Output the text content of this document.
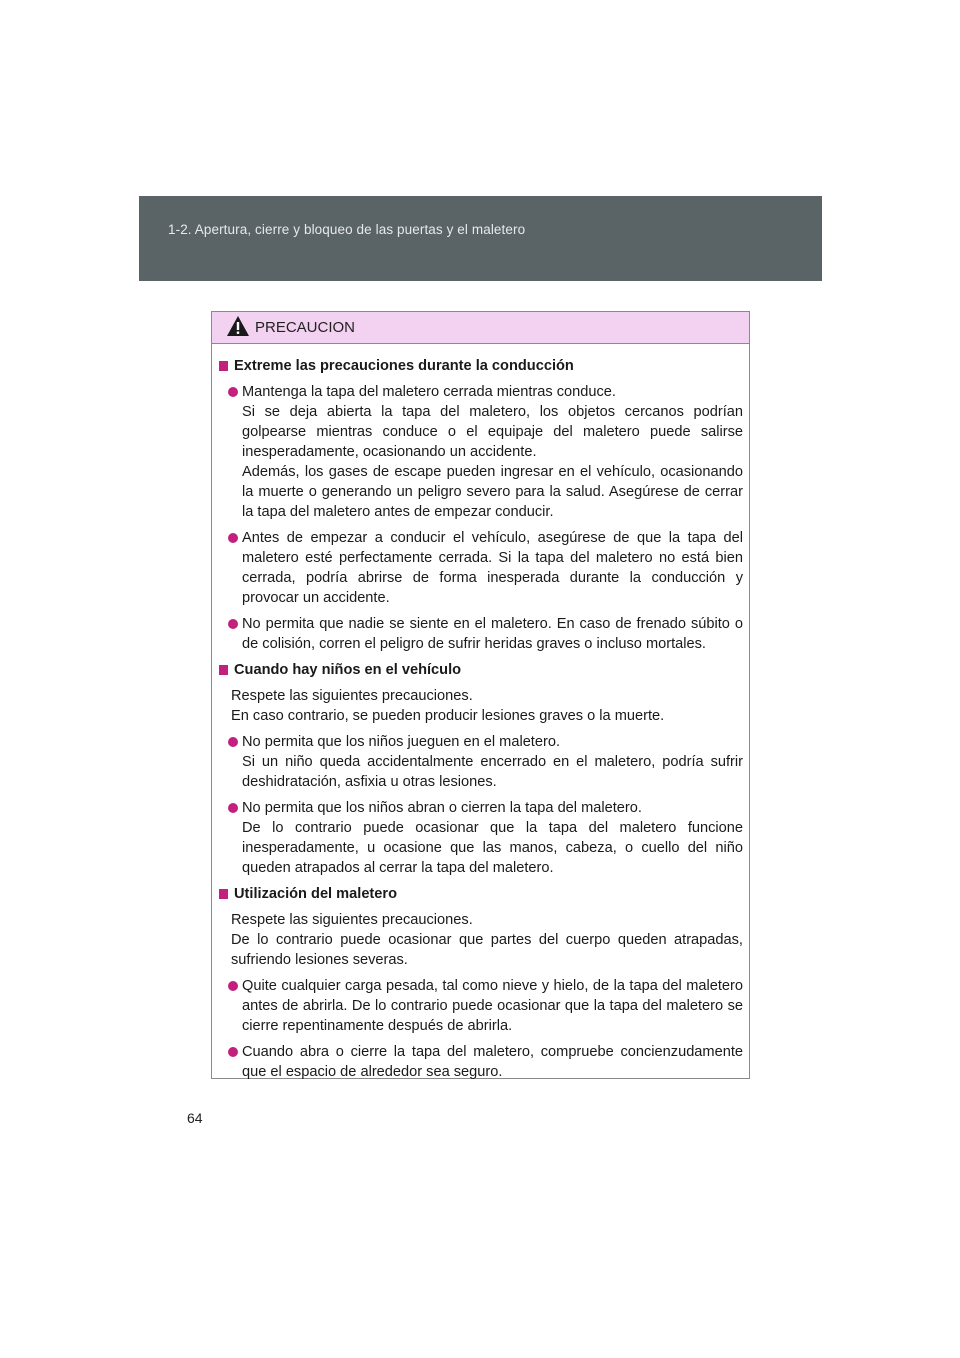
1-2. Apertura, cierre y bloqueo de las puertas y el maletero
PRECAUCION
Extreme las precauciones durante la conducción

Mantenga la tapa del maletero cerrada mientras conduce.

Si se deja abierta la tapa del maletero, los objetos cercanos podrían golpearse mientras conduce o el equipaje del maletero puede salirse inesperadamente, ocasionando un accidente.

Además, los gases de escape pueden ingresar en el vehículo, ocasionando la muerte o generando un peligro severo para la salud. Asegúrese de cerrar la tapa del maletero antes de empezar conducir.

Antes de empezar a conducir el vehículo, asegúrese de que la tapa del maletero esté perfectamente cerrada. Si la tapa del maletero no está bien cerrada, podría abrirse de forma inesperada durante la conducción y provocar un accidente.

No permita que nadie se siente en el maletero. En caso de frenado súbito o de colisión, corren el peligro de sufrir heridas graves o incluso mortales.

Cuando hay niños en el vehículo

Respete las siguientes precauciones.

En caso contrario, se pueden producir lesiones graves o la muerte.

No permita que los niños jueguen en el maletero.

Si un niño queda accidentalmente encerrado en el maletero, podría sufrir deshidratación, asfixia u otras lesiones.

No permita que los niños abran o cierren la tapa del maletero.

De lo contrario puede ocasionar que la tapa del maletero funcione inesperadamente, u ocasione que las manos, cabeza, o cuello del niño queden atrapados al cerrar la tapa del maletero.

Utilización del maletero

Respete las siguientes precauciones.

De lo contrario puede ocasionar que partes del cuerpo queden atrapadas, sufriendo lesiones severas.

Quite cualquier carga pesada, tal como nieve y hielo, de la tapa del maletero antes de abrirla. De lo contrario puede ocasionar que la tapa del maletero se cierre repentinamente después de abrirla.

Cuando abra o cierre la tapa del maletero, compruebe concienzudamente que el espacio de alrededor sea seguro.

64
